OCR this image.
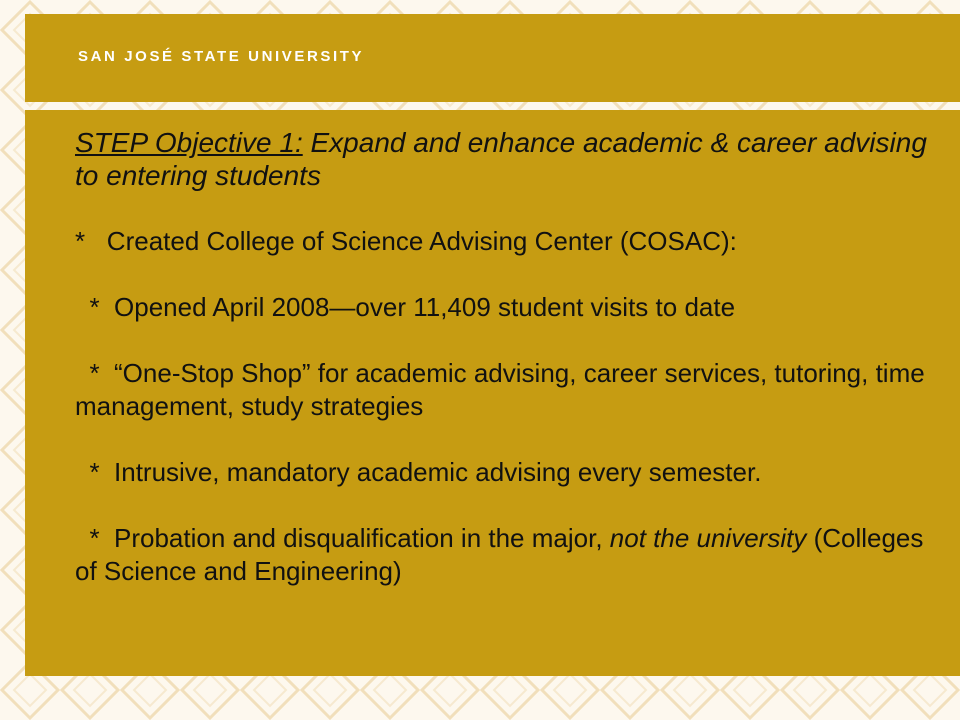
SAN JOSÉ STATE UNIVERSITY
STEP Objective 1: Expand and enhance academic & career advising to entering students
*   Created College of Science Advising Center (COSAC):
*  Opened April 2008—over 11,409 student visits to date
*  “One-Stop Shop” for academic advising, career services, tutoring, time management, study strategies
*  Intrusive, mandatory academic advising every semester.
*  Probation and disqualification in the major, not the university (Colleges of Science and Engineering)
